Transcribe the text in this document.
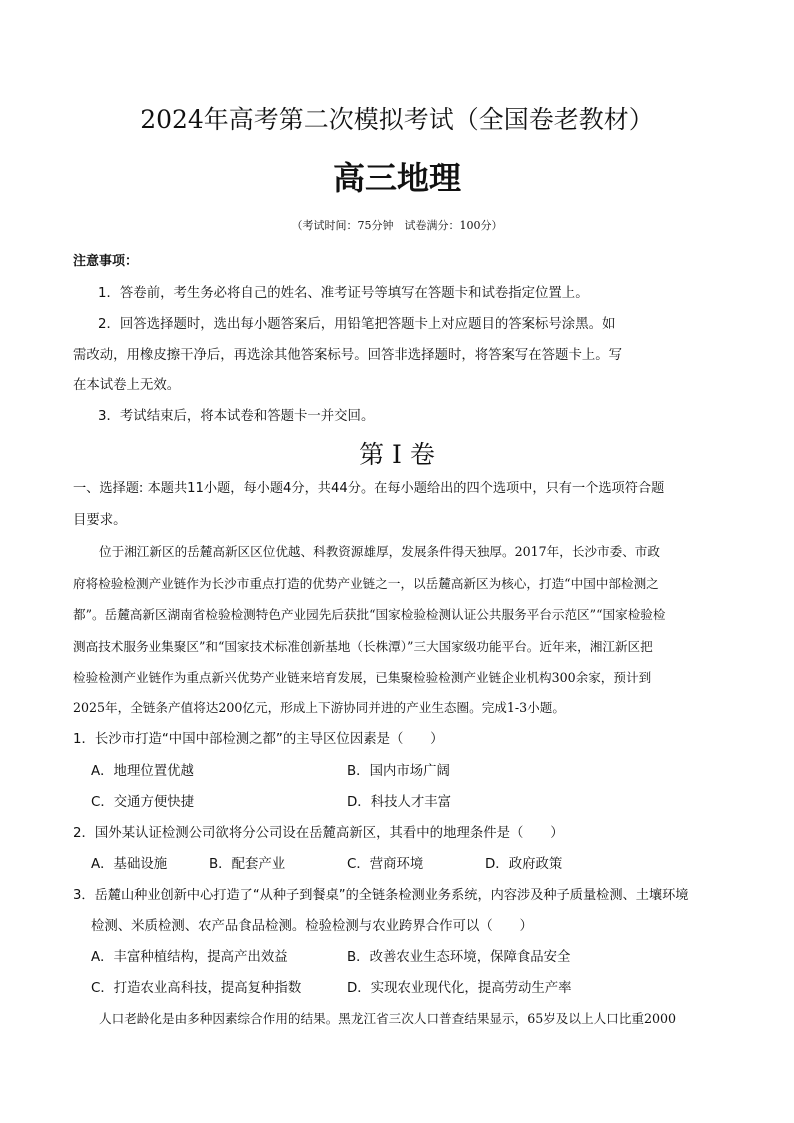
2024年高考第二次模拟考试（全国卷老教材）
高三地理
（考试时间：75分钟　试卷满分：100分）
注意事项：
1．答卷前，考生务必将自己的姓名、准考证号等填写在答题卡和试卷指定位置上。
2．回答选择题时，选出每小题答案后，用铅笔把答题卡上对应题目的答案标号涂黑。如
需改动，用橡皮擦干净后，再选涂其他答案标号。回答非选择题时，将答案写在答题卡上。写
在本试卷上无效。
3．考试结束后，将本试卷和答题卡一并交回。
第 I 卷
一、选择题: 本题共11小题，每小题4分，共44分。在每小题给出的四个选项中，只有一个选项符合题
目要求。
位于湘江新区的岳麓高新区区位优越、科教资源雄厚，发展条件得天独厚。2017年，长沙市委、市政
府将检验检测产业链作为长沙市重点打造的优势产业链之一，以岳麓高新区为核心，打造“中国中部检测之
都”。岳麓高新区湖南省检验检测特色产业园先后获批“国家检验检测认证公共服务平台示范区”“国家检验检
测高技术服务业集聚区”和“国家技术标准创新基地（长株潭）”三大国家级功能平台。近年来，湘江新区把
检验检测产业链作为重点新兴优势产业链来培育发展，已集聚检验检测产业链企业机构300余家，预计到
2025年，全链条产值将达200亿元，形成上下游协同并进的产业生态圈。完成1-3小题。
1．长沙市打造“中国中部检测之都”的主导区位因素是（　　）
A．地理位置优越	B．国内市场广阔
C．交通方便快捷	D．科技人才丰富
2．国外某认证检测公司欲将分公司设在岳麓高新区，其看中的地理条件是（　　）
A．基础设施	B．配套产业	C．营商环境	D．政府政策
3．岳麓山种业创新中心打造了“从种子到餐桌”的全链条检测业务系统，内容涉及种子质量检测、土壤环境
检测、米质检测、农产品食品检测。检验检测与农业跨界合作可以（　　）
A．丰富种植结构，提高产出效益	B．改善农业生态环境，保障食品安全
C．打造农业高科技，提高复种指数	D．实现农业现代化，提高劳动生产率
人口老龄化是由多种因素综合作用的结果。黑龙江省三次人口普查结果显示，65岁及以上人口比重2000
